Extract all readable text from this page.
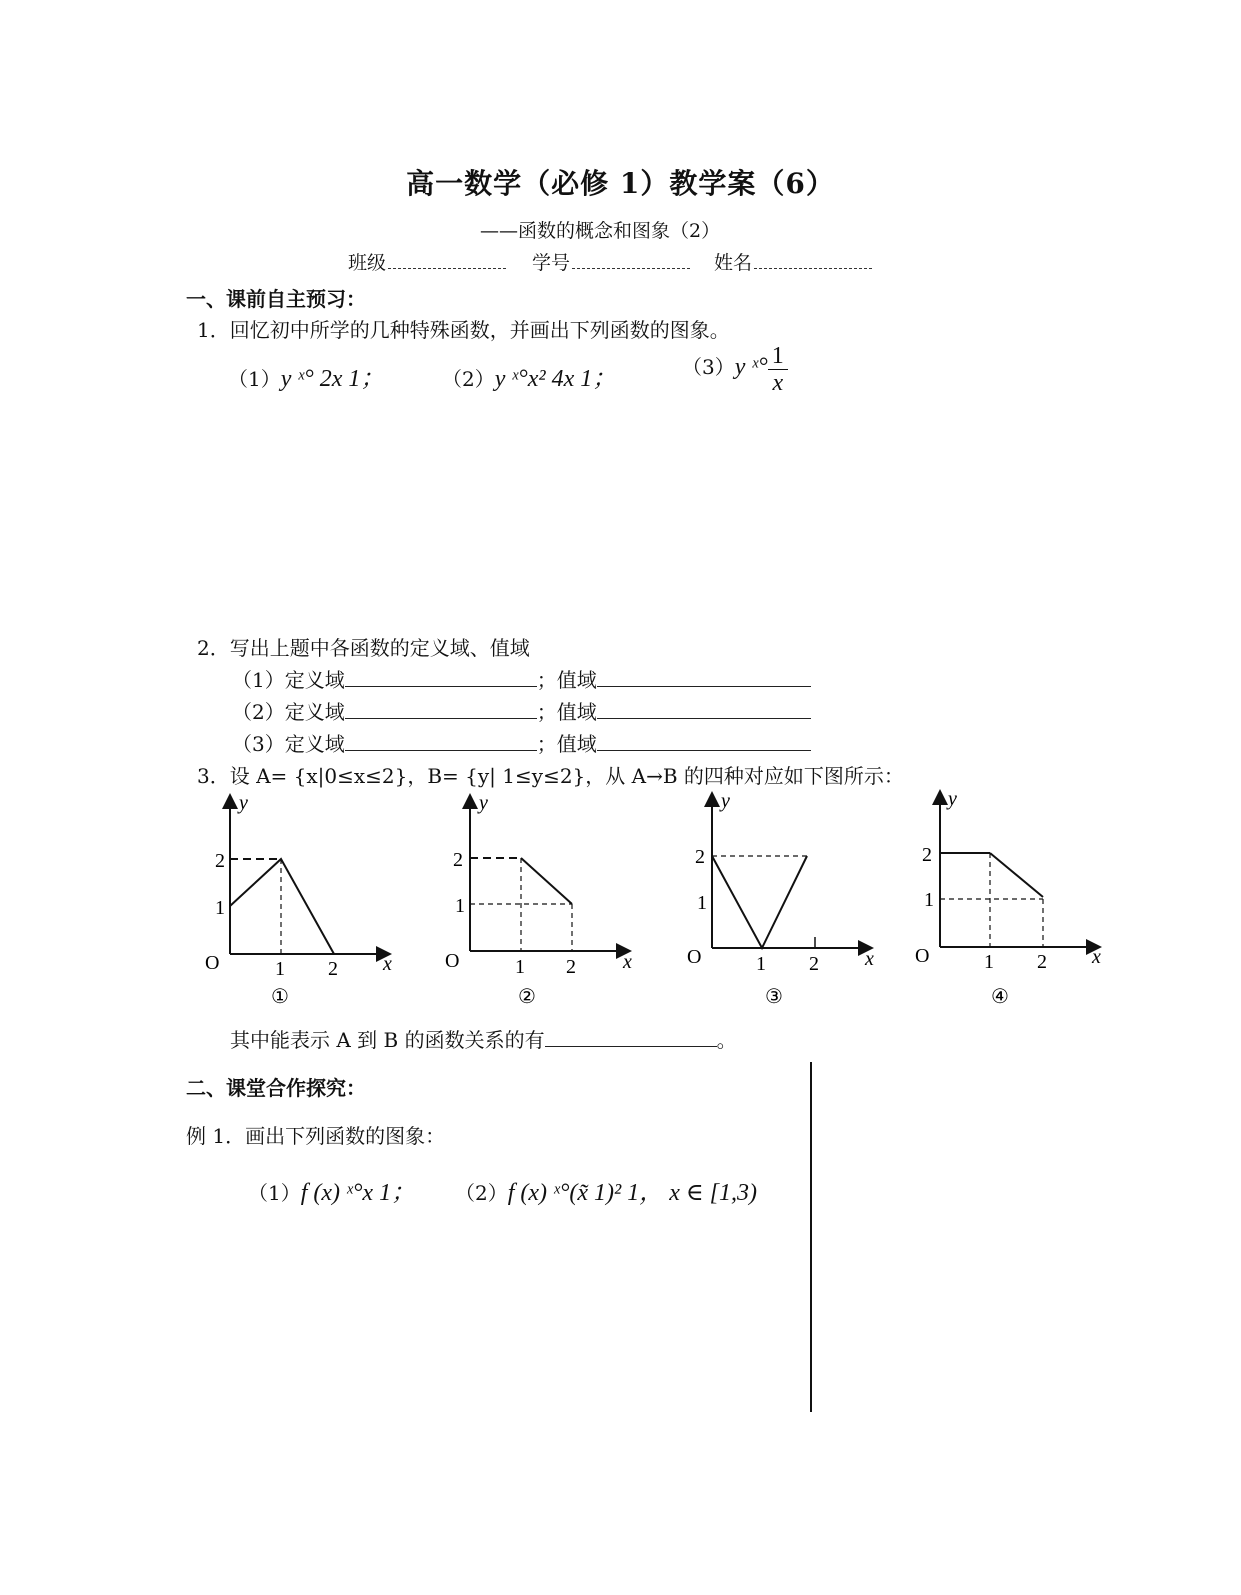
高一数学（必修 1）教学案（6）
——函数的概念和图象（2）
班级	学号	姓名
一、课前自主预习：
1．回忆初中所学的几种特殊函数，并画出下列函数的图象。
（1）y ˣ° 2x 1；	（2）y ˣ°x² 4x 1；	（3）y ˣ° $\frac{1}{x}$
2．写出上题中各函数的定义域、值域
（1）定义域	；值域
（2）定义域	；值域
（3）定义域	；值域
3．设 A= {x|0≤x≤2}，B= {y| 1≤y≤2}，从 A→B 的四种对应如下图所示：
y
2
1
O	1 2 x
①
y
2
1
O	1 2 x
②
y
2
1
O	1 2 x
③
y
2
1
O	1 2 x
④
其中能表示 A 到 B 的函数关系的有	。
二、课堂合作探究：
例 1．画出下列函数的图象：
（1）f (x) ˣ°x 1； （2）f (x) ˣ°(x̃ 1)² 1， x ∈ [1,3)
